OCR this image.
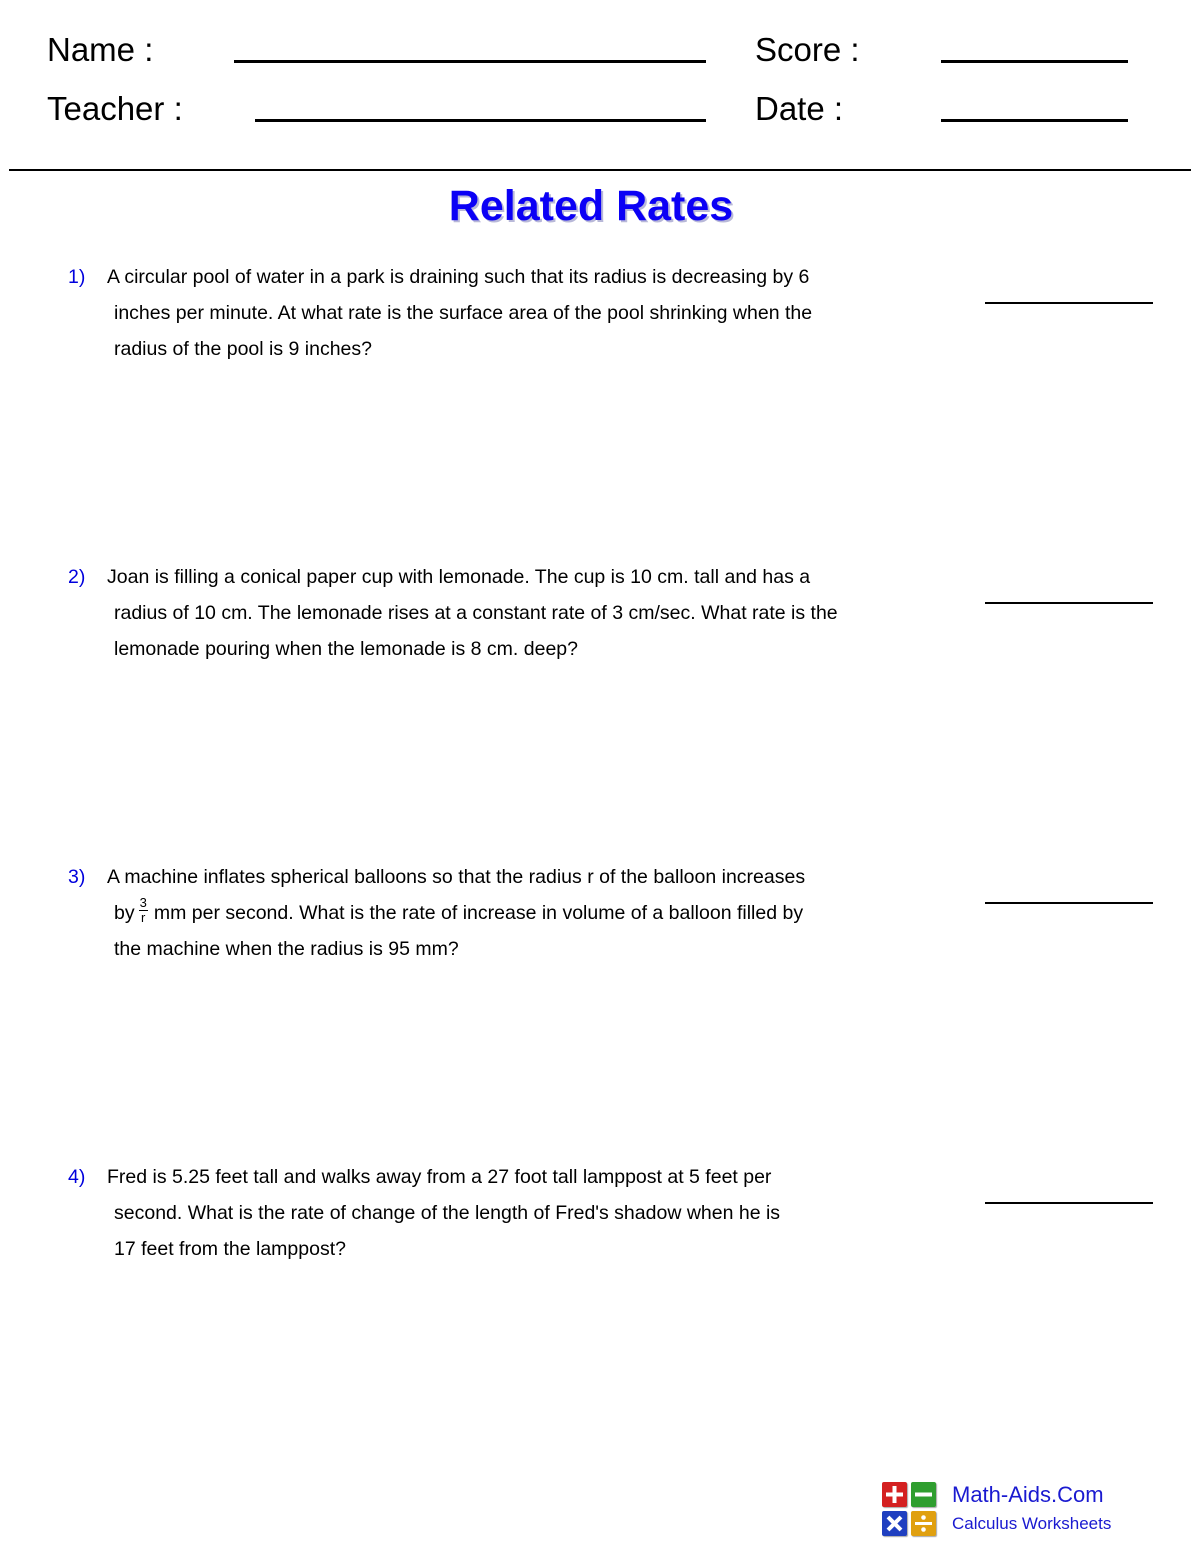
Name :	Score :
Teacher :	Date :
Related Rates
1) A circular pool of water in a park is draining such that its radius is decreasing by 6
inches per minute. At what rate is the surface area of the pool shrinking when the
radius of the pool is 9 inches?
2) Joan is filling a conical paper cup with lemonade. The cup is 10 cm. tall and has a
radius of 10 cm. The lemonade rises at a constant rate of 3 cm/sec. What rate is the
lemonade pouring when the lemonade is 8 cm. deep?
3) A machine inflates spherical balloons so that the radius r of the balloon increases
by $\frac{3}{r}$ mm per second. What is the rate of increase in volume of a balloon filled by
the machine when the radius is 95 mm?
4) Fred is 5.25 feet tall and walks away from a 27 foot tall lamppost at 5 feet per
second. What is the rate of change of the length of Fred's shadow when he is
17 feet from the lamppost?
Math-Aids.Com
Calculus Worksheets
